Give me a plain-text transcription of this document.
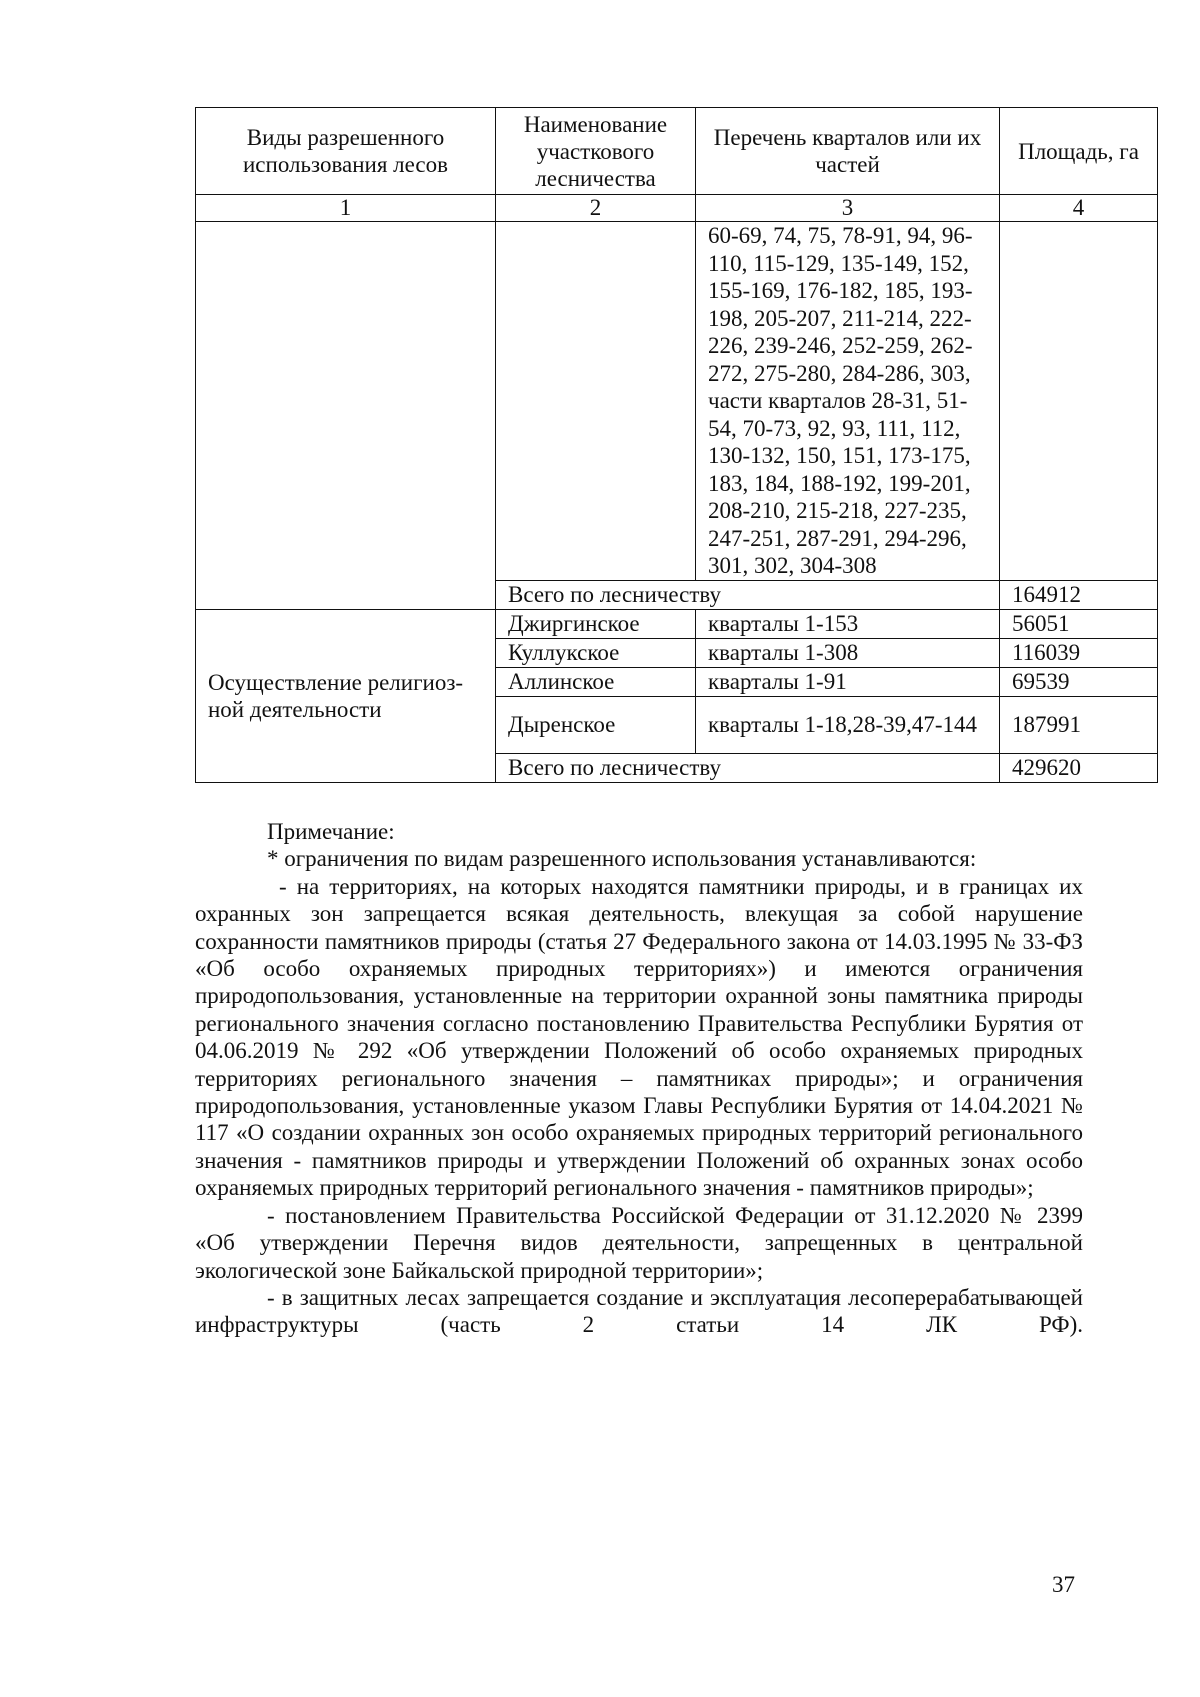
Виды разрешенного использования лесов	Наименование участкового лесничества	Перечень кварталов или их частей	Площадь, га
1	2	3	4
		60-69, 74, 75, 78-91, 94, 96-110, 115-129, 135-149, 152, 155-169, 176-182, 185, 193-198, 205-207, 211-214, 222-226, 239-246, 252-259, 262-272, 275-280, 284-286, 303, части кварталов 28-31, 51-54, 70-73, 92, 93, 111, 112, 130-132, 150, 151, 173-175, 183, 184, 188-192, 199-201, 208-210, 215-218, 227-235, 247-251, 287-291, 294-296, 301, 302, 304-308	
	Всего по лесничеству		164912
Осуществление религиоз-ной деятельности	Джиргинское	кварталы 1-153	56051
	Куллукское	кварталы 1-308	116039
	Аллинское	кварталы 1-91	69539
	Дыренское	кварталы 1-18,28-39,47-144	187991
	Всего по лесничеству		429620

Примечание:

* ограничения по видам разрешенного использования устанавливаются:

- на территориях, на которых находятся памятники природы, и в границах их охранных зон запрещается всякая деятельность, влекущая за собой нарушение сохранности памятников природы (статья 27 Федерального закона от 14.03.1995 № 33-ФЗ «Об особо охраняемых природных территориях») и имеются ограничения природопользования, установленные на территории охранной зоны памятника природы регионального значения согласно постановлению Правительства Республики Бурятия от 04.06.2019 № 292 «Об утверждении Положений об особо охраняемых природных территориях регионального значения – памятниках природы»; и ограничения природопользования, установленные указом Главы Республики Бурятия от 14.04.2021 № 117 «О создании охранных зон особо охраняемых природных территорий регионального значения - памятников природы и утверждении Положений об охранных зонах особо охраняемых природных территорий регионального значения - памятников природы»;

- постановлением Правительства Российской Федерации от 31.12.2020 № 2399 «Об утверждении Перечня видов деятельности, запрещенных в центральной экологической зоне Байкальской природной территории»;

- в защитных лесах запрещается создание и эксплуатация лесоперерабатывающей инфраструктуры (часть 2 статьи 14 ЛК РФ).

37
